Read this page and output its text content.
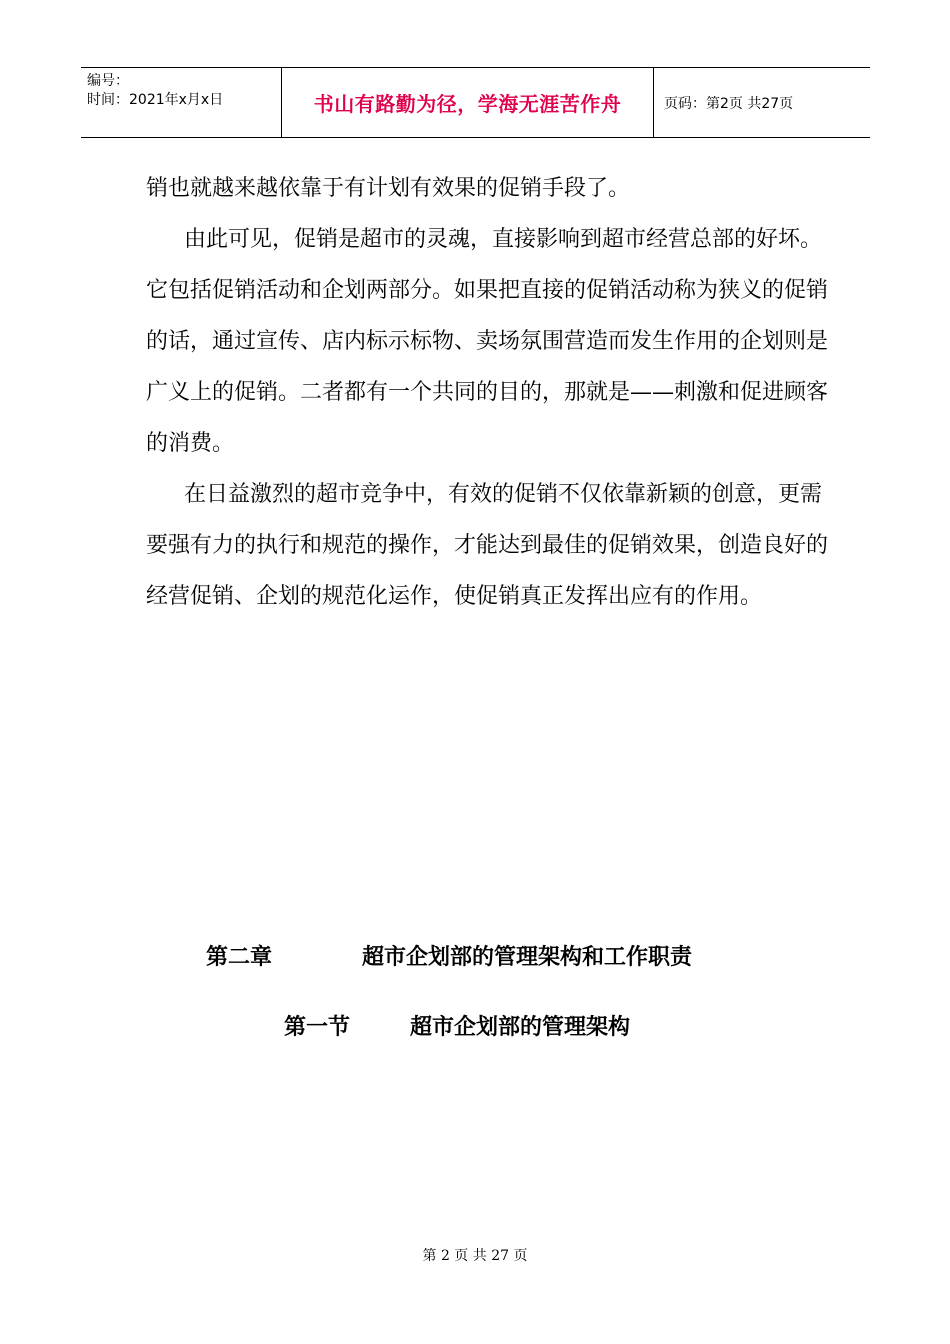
编号：
时间：2021年x月x日	书山有路勤为径，学海无涯苦作舟	页码：第2页 共27页

销也就越来越依靠于有计划有效果的促销手段了。

由此可见，促销是超市的灵魂，直接影响到超市经营总部的好坏。它包括促销活动和企划两部分。如果把直接的促销活动称为狭义的促销的话，通过宣传、店内标示标物、卖场氛围营造而发生作用的企划则是广义上的促销。二者都有一个共同的目的，那就是——刺激和促进顾客的消费。

在日益激烈的超市竞争中，有效的促销不仅依靠新颖的创意，更需要强有力的执行和规范的操作，才能达到最佳的促销效果，创造良好的经营促销、企划的规范化运作，使促销真正发挥出应有的作用。

第二章	超市企划部的管理架构和工作职责
第一节	超市企划部的管理架构
第 2 页 共 27 页
